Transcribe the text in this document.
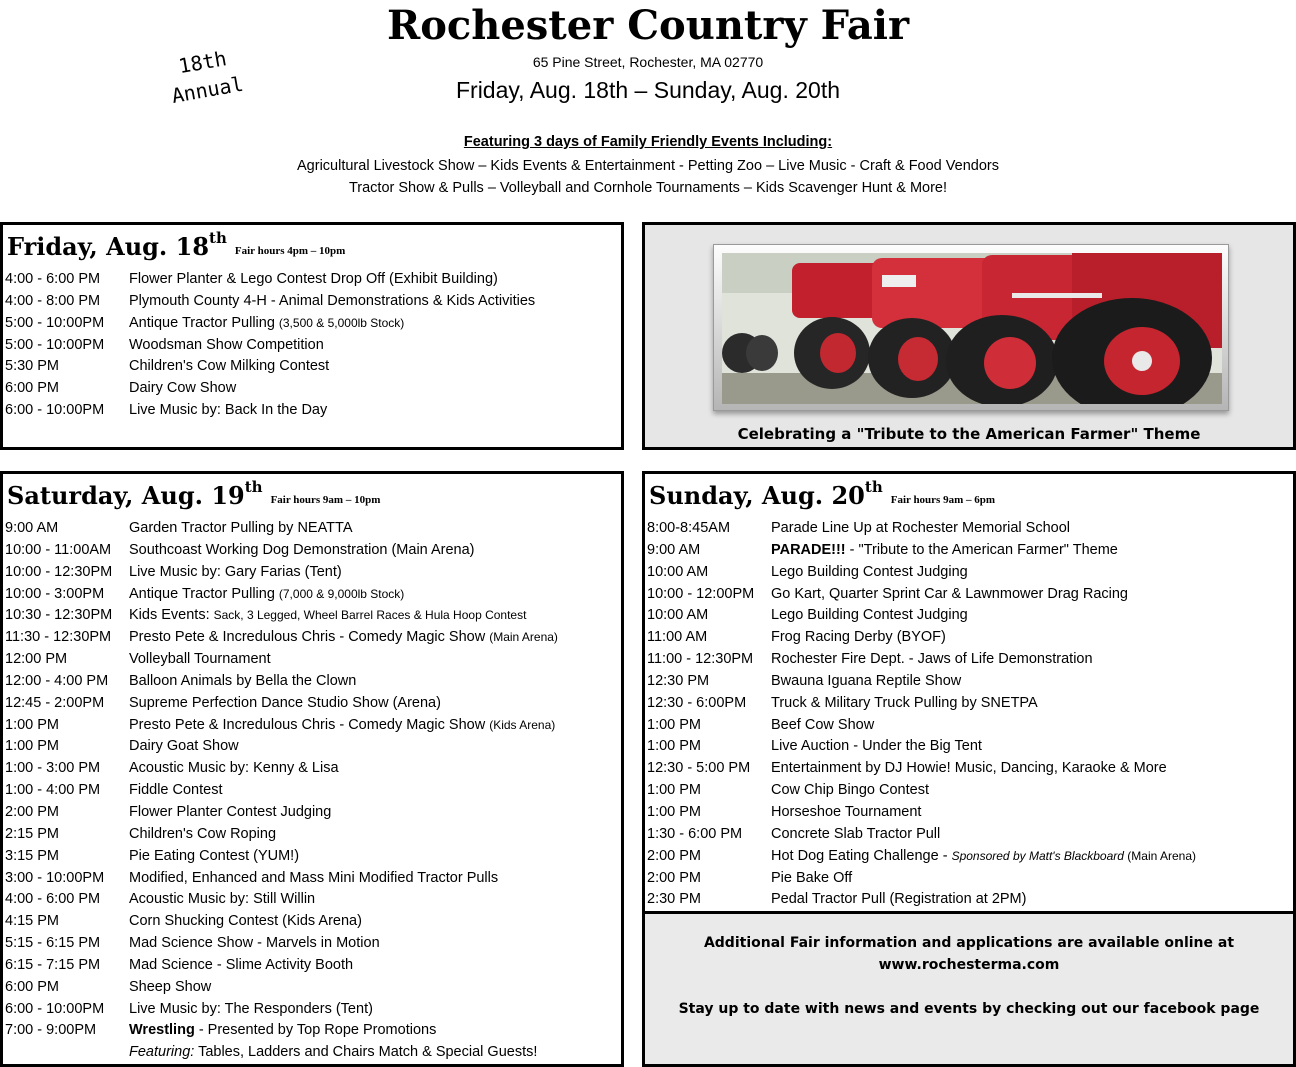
Rochester Country Fair
65 Pine Street, Rochester, MA 02770
Friday, Aug. 18th – Sunday, Aug. 20th
18th
Annual
Featuring 3 days of Family Friendly Events Including:
Agricultural Livestock Show – Kids Events & Entertainment - Petting Zoo – Live Music - Craft & Food Vendors
Tractor Show & Pulls – Volleyball and Cornhole Tournaments – Kids Scavenger Hunt & More!
Friday, Aug. 18thFair hours 4pm – 10pm
4:00 - 6:00 PM Flower Planter & Lego Contest Drop Off (Exhibit Building)
4:00 - 8:00 PM Plymouth County 4-H - Animal Demonstrations & Kids Activities
5:00 - 10:00PM Antique Tractor Pulling (3,500 & 5,000lb Stock)
5:00 - 10:00PM Woodsman Show Competition
5:30 PM	Children's Cow Milking Contest
6:00 PM	Dairy Cow Show
6:00 - 10:00PM Live Music by: Back In the Day
Celebrating a "Tribute to the American Farmer" Theme
Saturday, Aug. 19thFair hours 9am – 10pm
9:00 AM	Garden Tractor Pulling by NEATTA
10:00 - 11:00AM Southcoast Working Dog Demonstration (Main Arena)
10:00 - 12:30PM Live Music by: Gary Farias (Tent)
10:00 - 3:00PM Antique Tractor Pulling (7,000 & 9,000lb Stock)
10:30 - 12:30PM Kids Events: Sack, 3 Legged, Wheel Barrel Races & Hula Hoop Contest
11:30 - 12:30PM Presto Pete & Incredulous Chris - Comedy Magic Show (Main Arena)
12:00 PM	Volleyball Tournament
12:00 - 4:00 PM Balloon Animals by Bella the Clown
12:45 - 2:00PM Supreme Perfection Dance Studio Show (Arena)
1:00 PM	Presto Pete & Incredulous Chris - Comedy Magic Show (Kids Arena)
1:00 PM	Dairy Goat Show
1:00 - 3:00 PM Acoustic Music by: Kenny & Lisa
1:00 - 4:00 PM Fiddle Contest
2:00 PM	Flower Planter Contest Judging
2:15 PM	Children's Cow Roping
3:15 PM	Pie Eating Contest (YUM!)
3:00 - 10:00PM Modified, Enhanced and Mass Mini Modified Tractor Pulls
4:00 - 6:00 PM Acoustic Music by: Still Willin
4:15 PM	Corn Shucking Contest (Kids Arena)
5:15 - 6:15 PM Mad Science Show - Marvels in Motion
6:15 - 7:15 PM Mad Science - Slime Activity Booth
6:00 PM	Sheep Show
6:00 - 10:00PM Live Music by: The Responders (Tent)
7:00 - 9:00PM Wrestling - Presented by Top Rope Promotions
Featuring: Tables, Ladders and Chairs Match & Special Guests!
Sunday, Aug. 20thFair hours 9am – 6pm
8:00-8:45AM	Parade Line Up at Rochester Memorial School
9:00 AM	PARADE!!! - "Tribute to the American Farmer" Theme
10:00 AM	Lego Building Contest Judging
10:00 - 12:00PM Go Kart, Quarter Sprint Car & Lawnmower Drag Racing
10:00 AM	Lego Building Contest Judging
11:00 AM	Frog Racing Derby (BYOF)
11:00 - 12:30PM Rochester Fire Dept. - Jaws of Life Demonstration
12:30 PM	Bwauna Iguana Reptile Show
12:30 - 6:00PM Truck & Military Truck Pulling by SNETPA
1:00 PM	Beef Cow Show
1:00 PM	Live Auction - Under the Big Tent
12:30 - 5:00 PM Entertainment by DJ Howie! Music, Dancing, Karaoke & More
1:00 PM	Cow Chip Bingo Contest
1:00 PM	Horseshoe Tournament
1:30 - 6:00 PM Concrete Slab Tractor Pull
2:00 PM	Hot Dog Eating Challenge - Sponsored by Matt's Blackboard (Main Arena)
2:00 PM	Pie Bake Off
2:30 PM	Pedal Tractor Pull (Registration at 2PM)

Additional Fair information and applications are available online at

www.rochesterma.com

Stay up to date with news and events by checking out our facebook page
